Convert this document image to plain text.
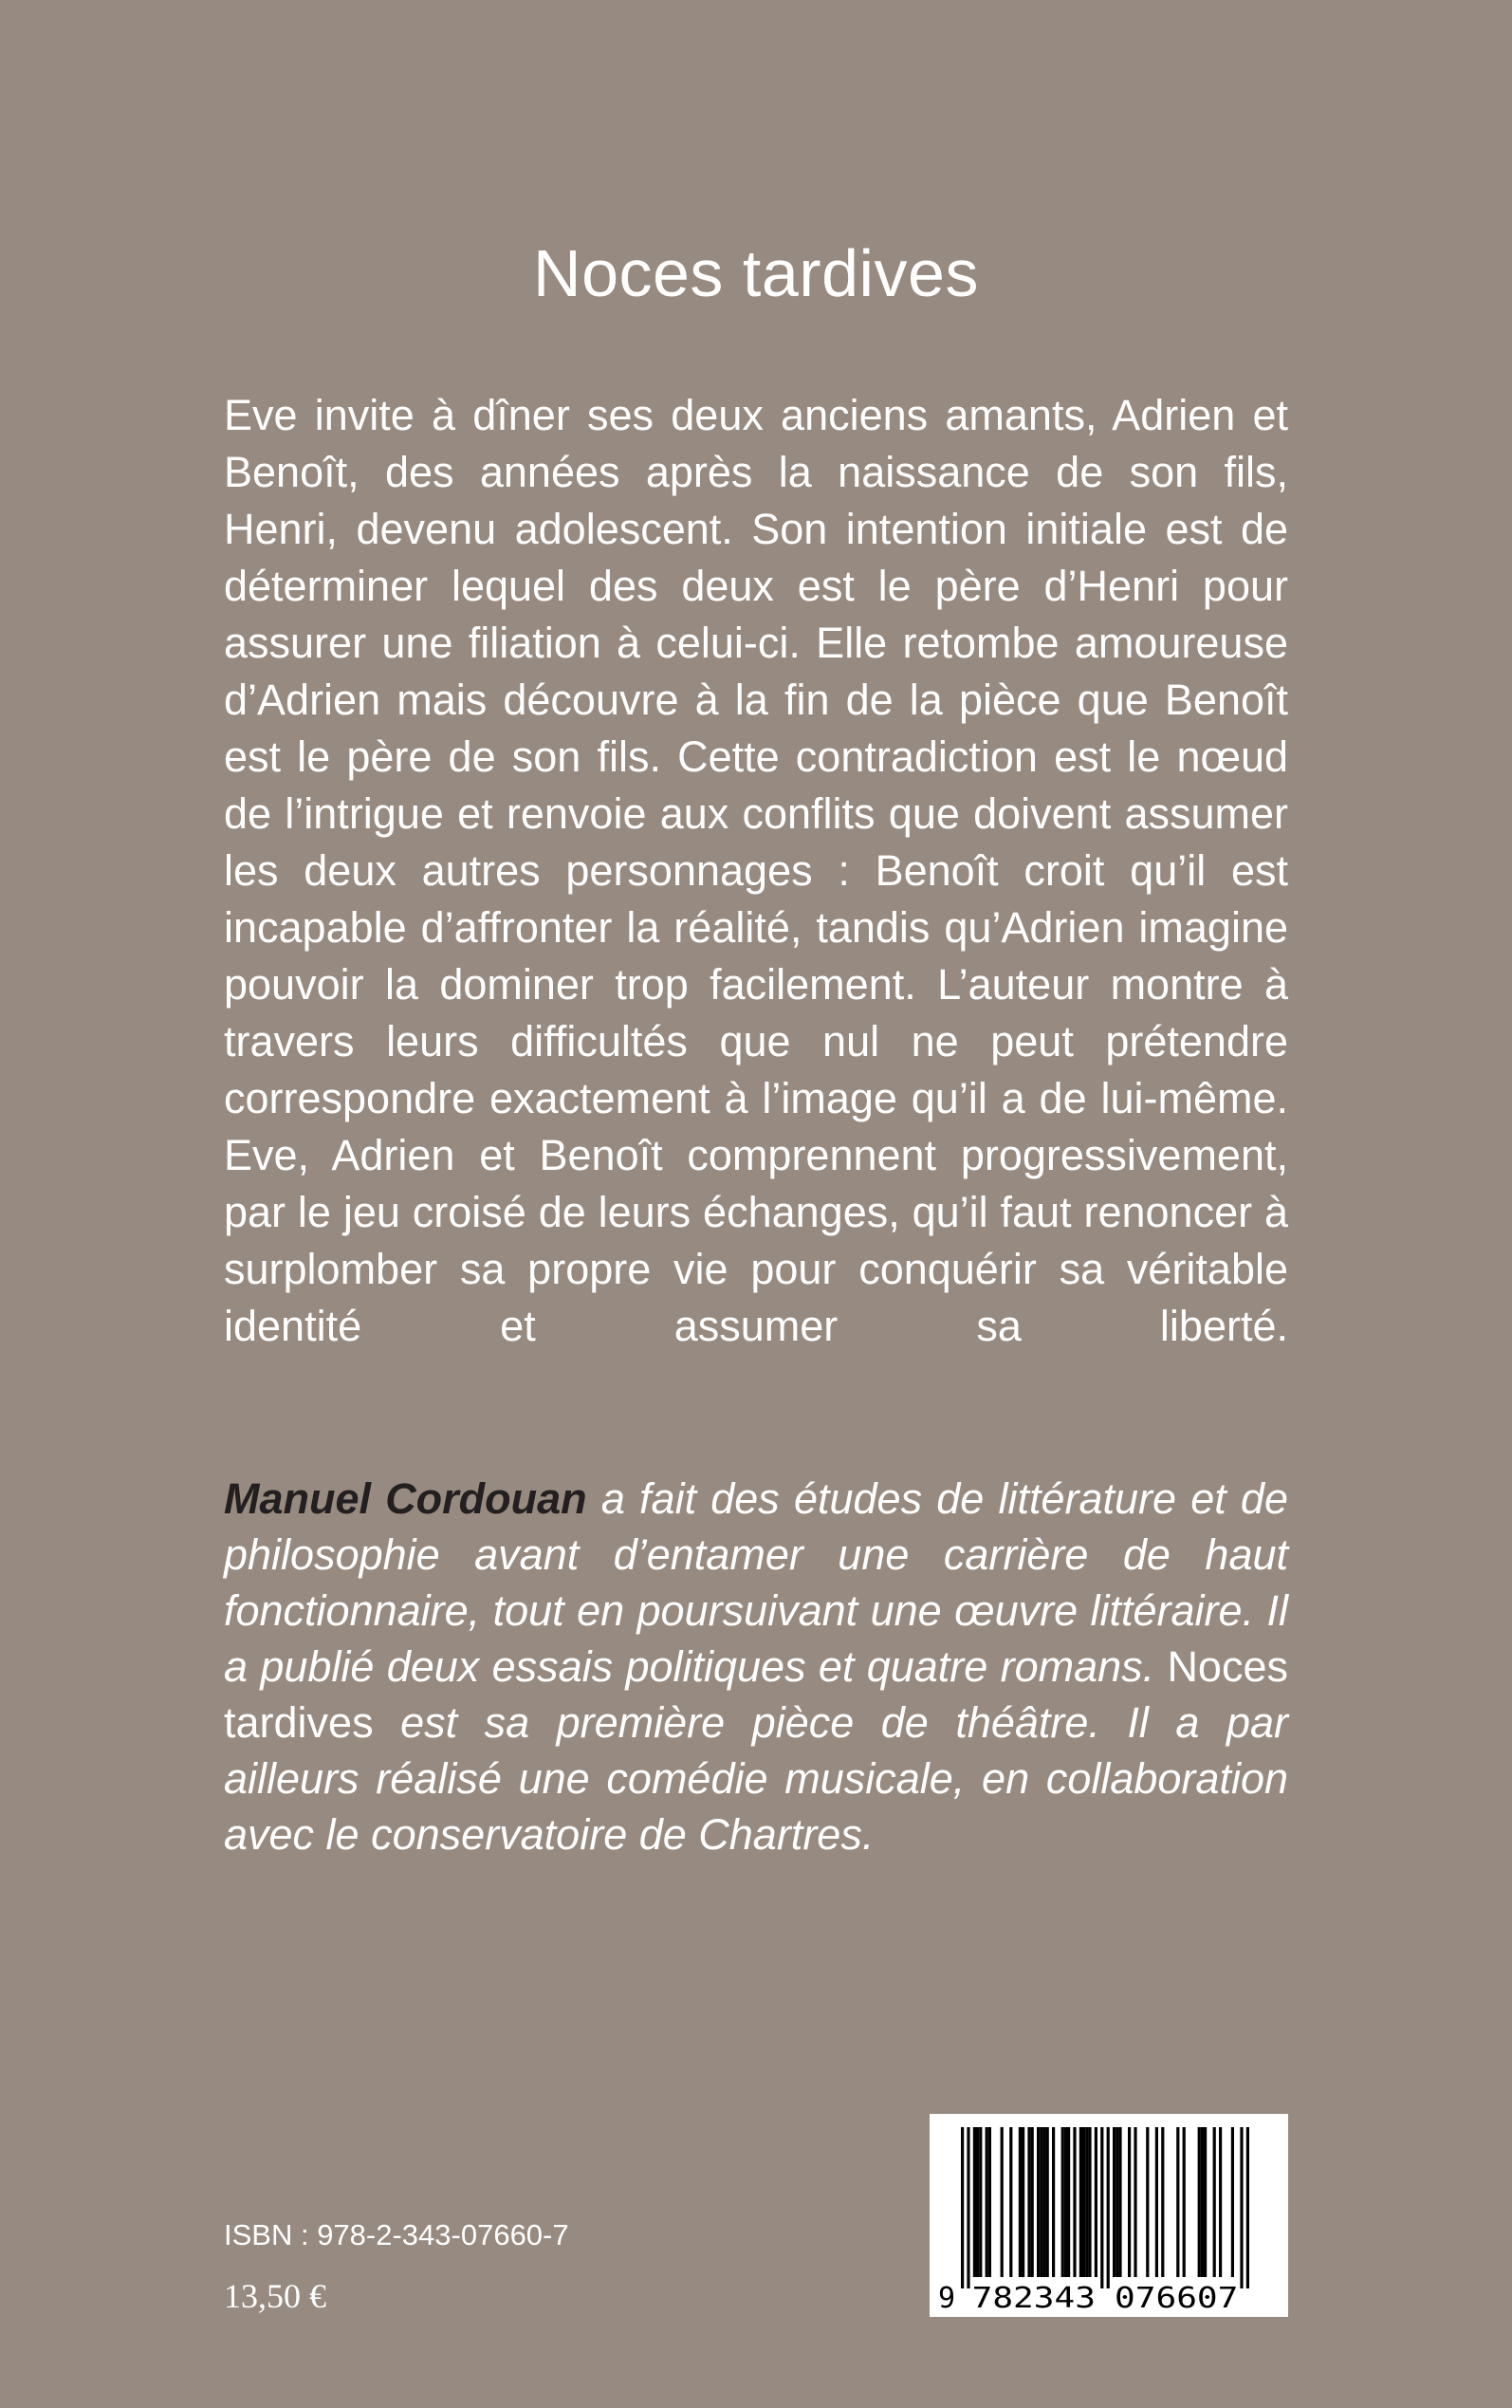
Noces tardives

Eve invite à dîner ses deux anciens amants, Adrien et Benoît, des années après la naissance de son fils, Henri, devenu adolescent. Son intention initiale est de déterminer lequel des deux est le père d’Henri pour assurer une filiation à celui-ci. Elle retombe amoureuse d’Adrien mais découvre à la fin de la pièce que Benoît est le père de son fils. Cette contradiction est le nœud de l’intrigue et renvoie aux conflits que doivent assumer les deux autres personnages : Benoît croit qu’il est incapable d’affronter la réalité, tandis qu’Adrien imagine pouvoir la dominer trop facilement. L’auteur montre à travers leurs difficultés que nul ne peut prétendre correspondre exactement à l’image qu’il a de lui-même. Eve, Adrien et Benoît comprennent progressivement, par le jeu croisé de leurs échanges, qu’il faut renoncer à surplomber sa propre vie pour conquérir sa véritable identité et assumer sa liberté.

Manuel Cordouan a fait des études de littérature et de philosophie avant d’entamer une carrière de haut fonctionnaire, tout en poursuivant une œuvre littéraire. Il a publié deux essais politiques et quatre romans. Noces tardives est sa première pièce de théâtre. Il a par ailleurs réalisé une comédie musicale, en collaboration avec le conservatoire de Chartres.

ISBN : 978-2-343-07660-7
13,50 €	9 782343 076607
